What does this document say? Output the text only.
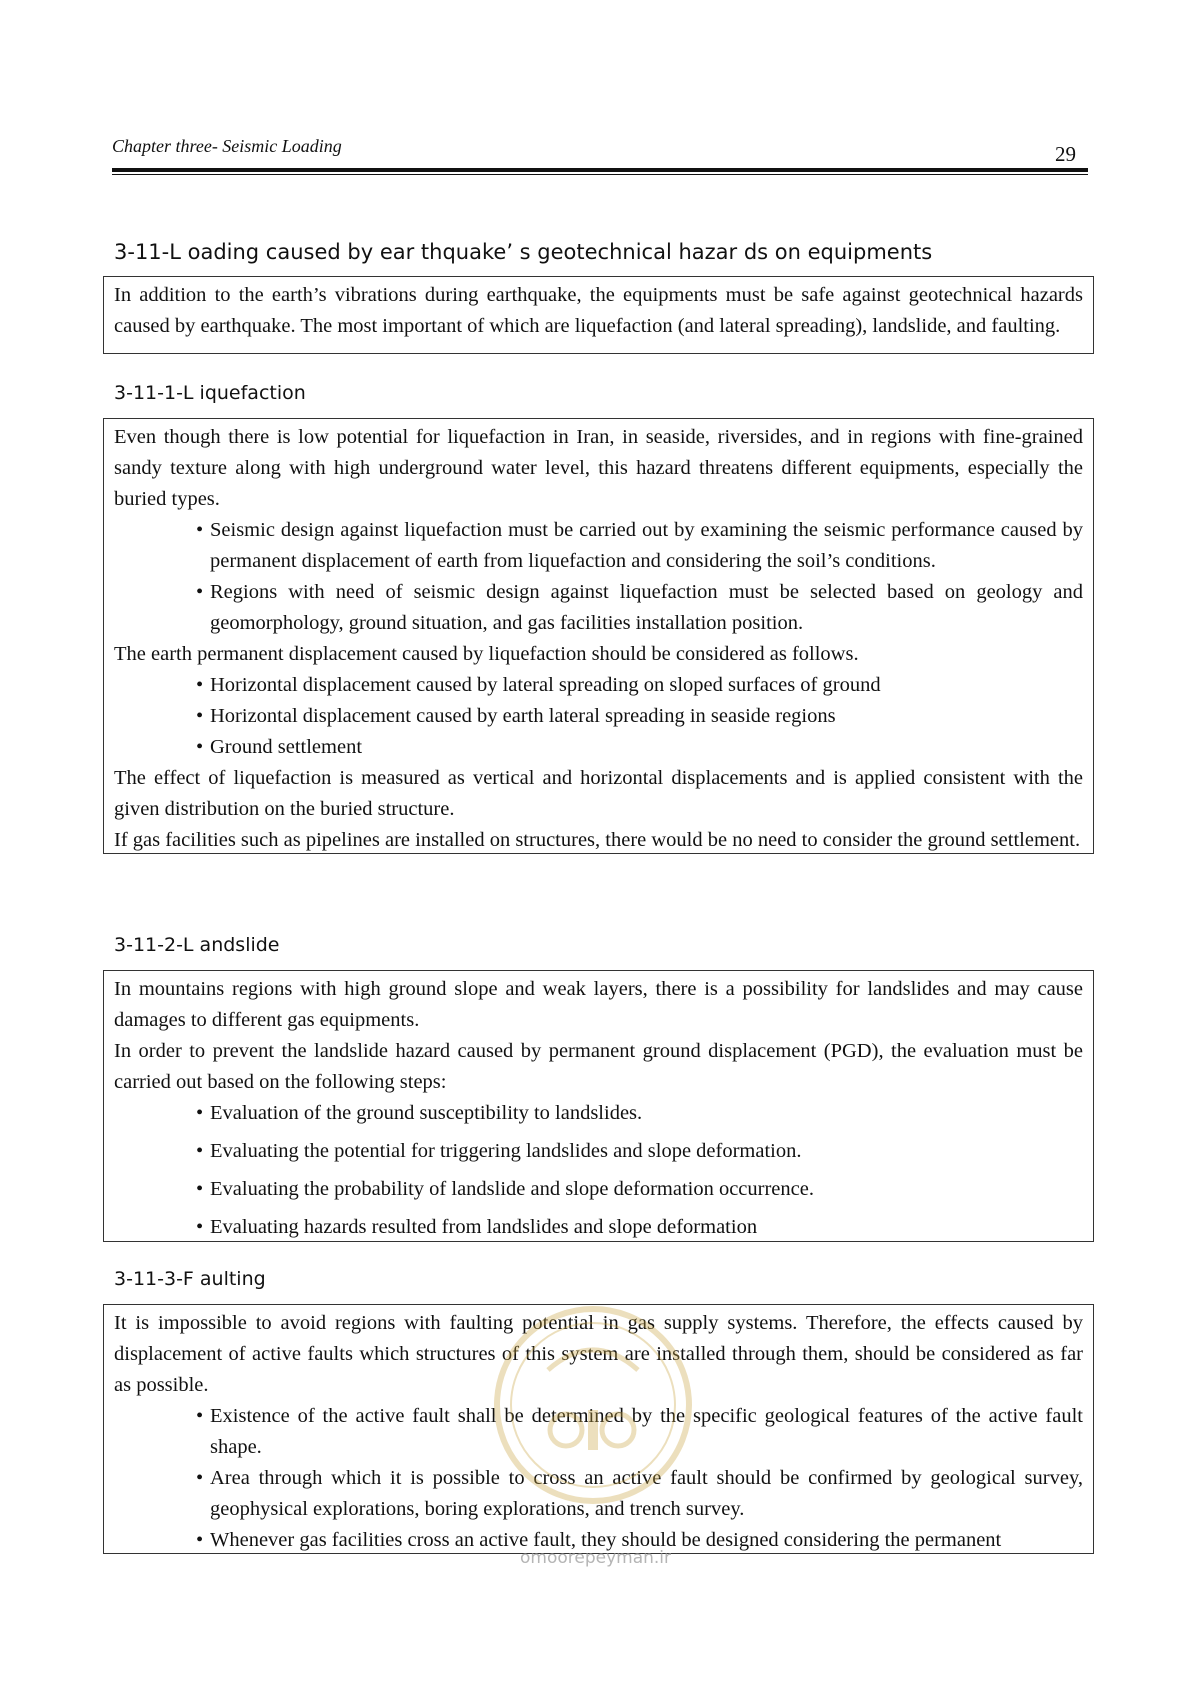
Chapter three- Seismic Loading	29
3-11-L oading caused by ear thquake’ s geotechnical hazar ds on equipments

In addition to the earth’s vibrations during earthquake, the equipments must be safe against geotechnical hazards caused by earthquake. The most important of which are liquefaction (and lateral spreading), landslide, and faulting.

3-11-1-L iquefaction

Even though there is low potential for liquefaction in Iran, in seaside, riversides, and in regions with fine-grained sandy texture along with high underground water level, this hazard threatens different equipments, especially the buried types.

• Seismic design against liquefaction must be carried out by examining the seismic performance caused by permanent displacement of earth from liquefaction and considering the soil’s conditions.
• Regions with need of seismic design against liquefaction must be selected based on geology and geomorphology, ground situation, and gas facilities installation position.

The earth permanent displacement caused by liquefaction should be considered as follows.

• Horizontal displacement caused by lateral spreading on sloped surfaces of ground
• Horizontal displacement caused by earth lateral spreading in seaside regions
• Ground settlement

The effect of liquefaction is measured as vertical and horizontal displacements and is applied consistent with the given distribution on the buried structure.

If gas facilities such as pipelines are installed on structures, there would be no need to consider the ground settlement.

3-11-2-L andslide

In mountains regions with high ground slope and weak layers, there is a possibility for landslides and may cause damages to different gas equipments.

In order to prevent the landslide hazard caused by permanent ground displacement (PGD), the evaluation must be carried out based on the following steps:

• Evaluation of the ground susceptibility to landslides.
• Evaluating the potential for triggering landslides and slope deformation.
• Evaluating the probability of landslide and slope deformation occurrence.
• Evaluating hazards resulted from landslides and slope deformation
3-11-3-F aulting

It is impossible to avoid regions with faulting potential in gas supply systems. Therefore, the effects caused by displacement of active faults which structures of this system are installed through them, should be considered as far as possible.

• Existence of the active fault shall be determined by the specific geological features of the active fault shape.
• Area through which it is possible to cross an active fault should be confirmed by geological survey, geophysical explorations, boring explorations, and trench survey.
• Whenever gas facilities cross an active fault, they should be designed considering the permanent
omoorepeyman.ir
